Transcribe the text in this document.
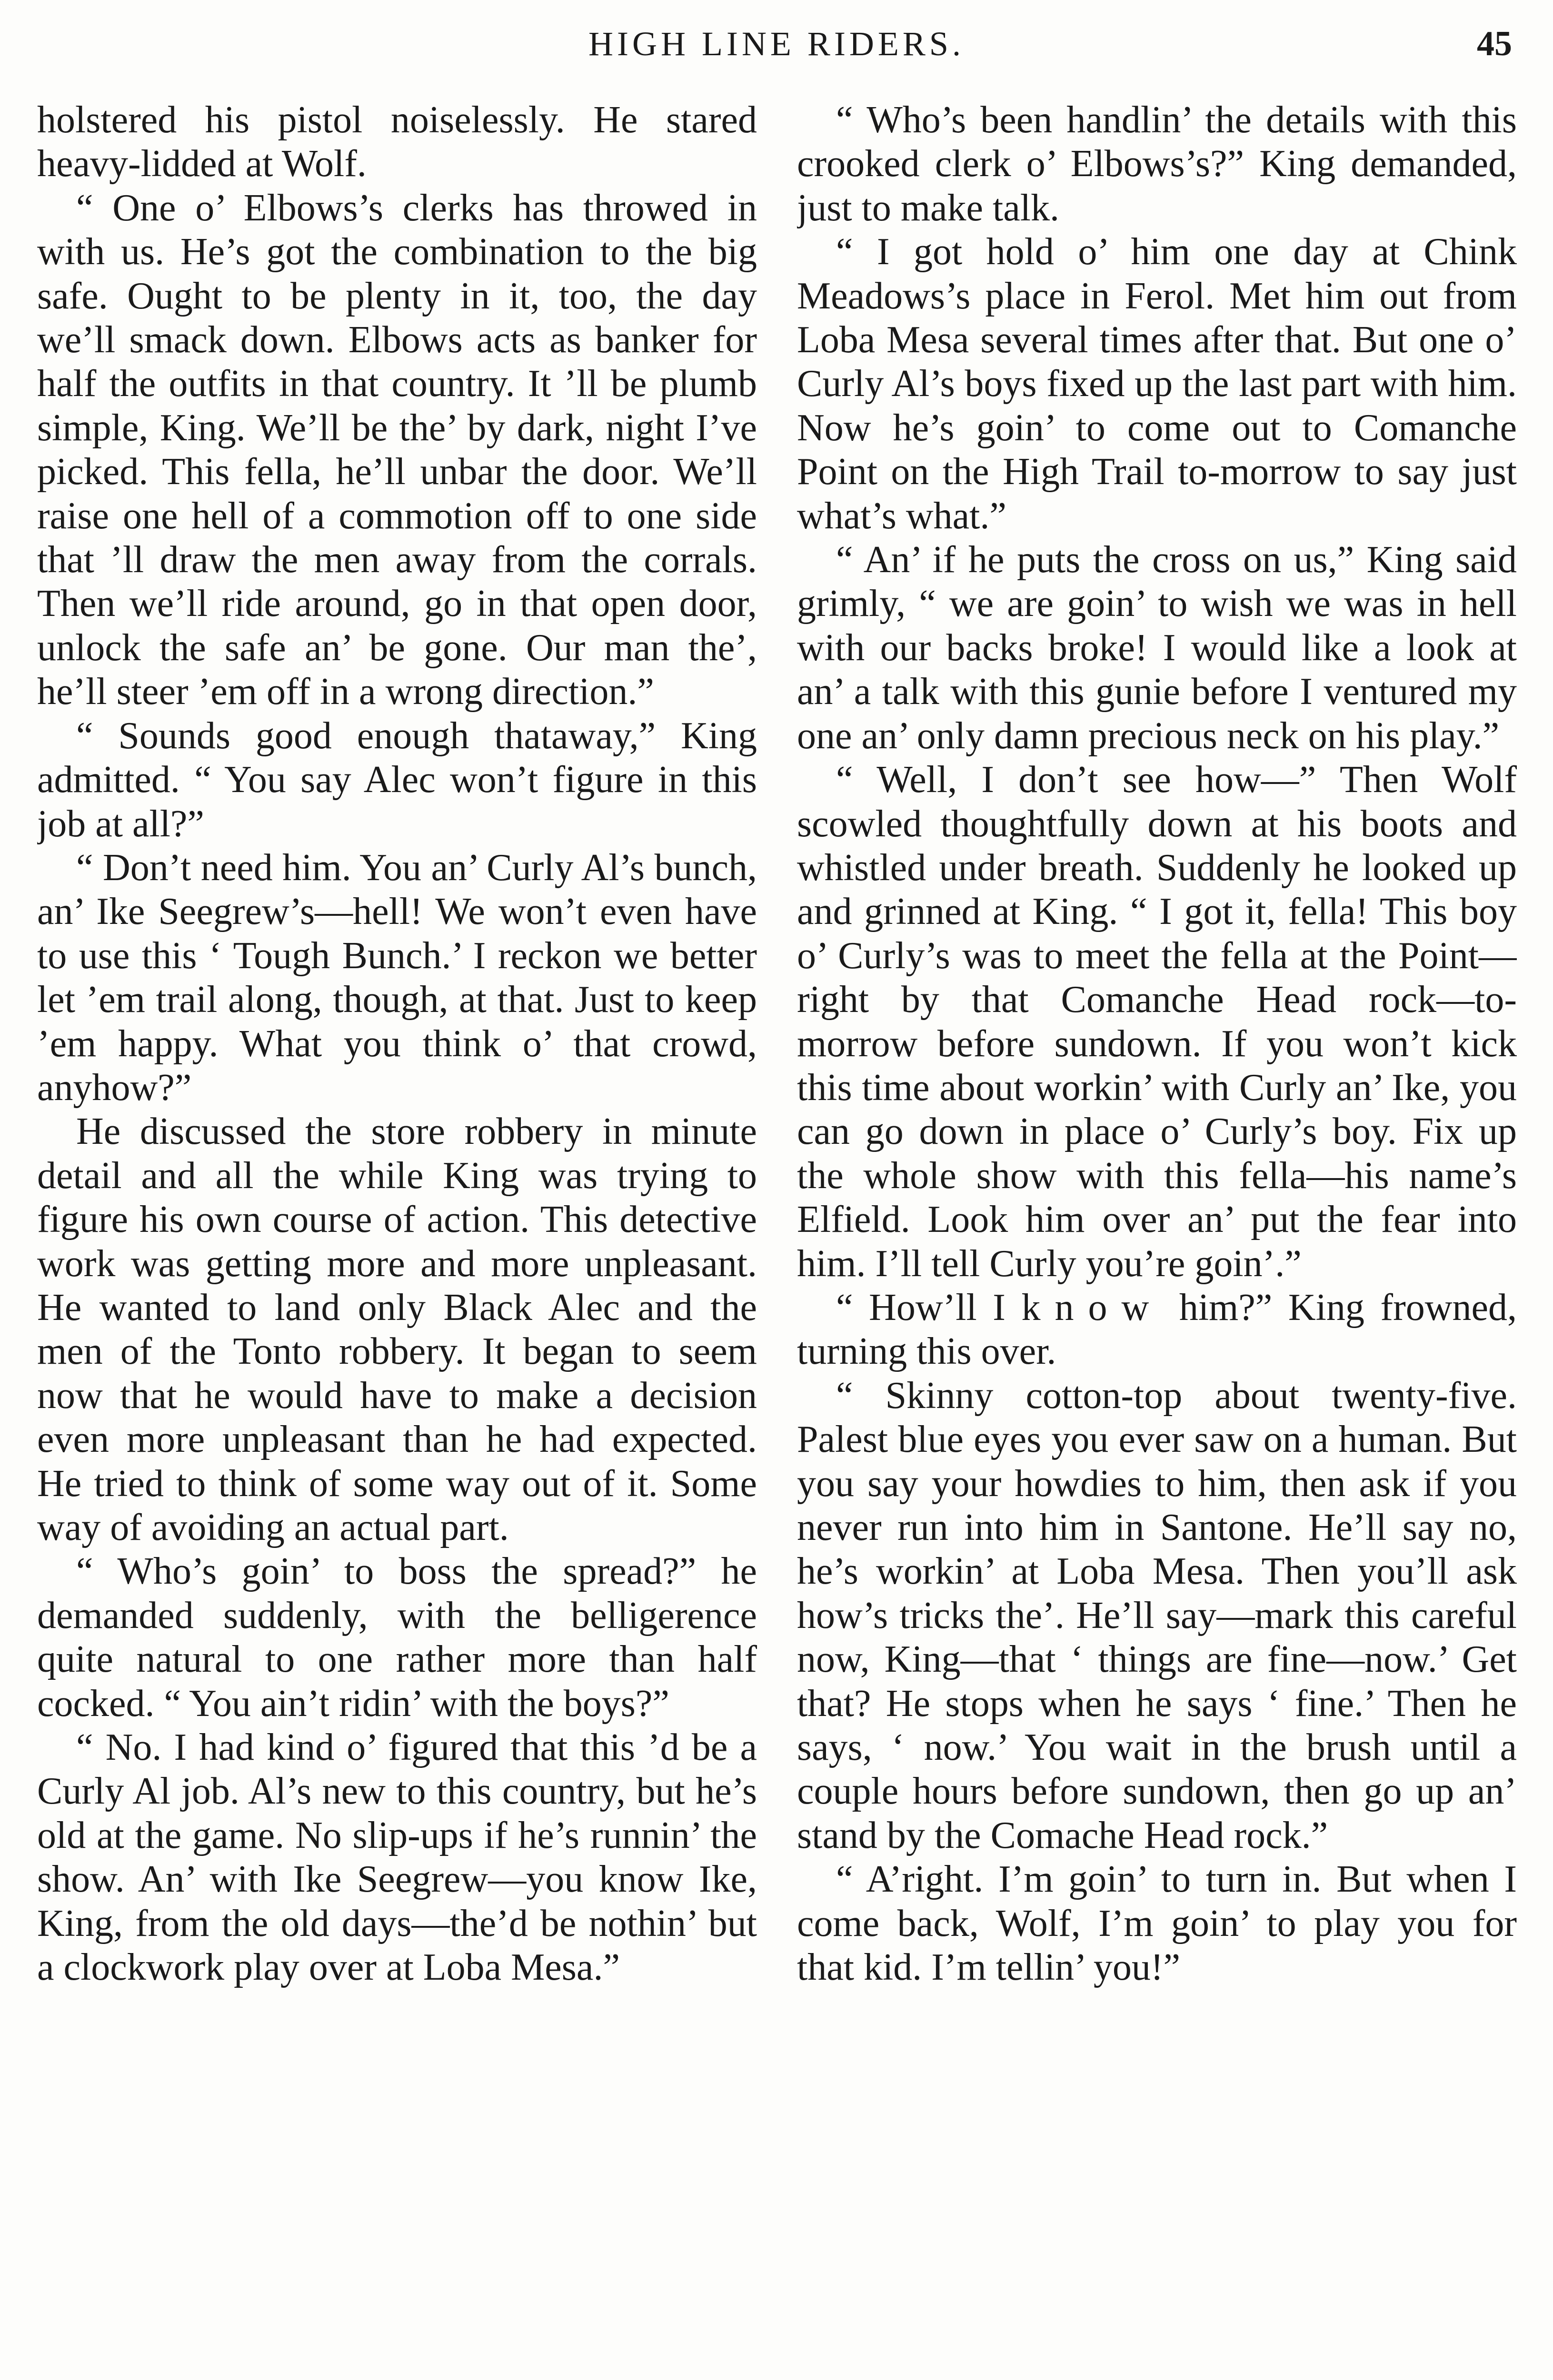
HIGH LINE RIDERS.	45

holstered his pistol noiselessly. He stared heavy-lidded at Wolf.

“ One o’ Elbows’s clerks has throwed in with us. He’s got the combination to the big safe. Ought to be plenty in it, too, the day we’ll smack down. Elbows acts as banker for half the outfits in that country. It ’ll be plumb simple, King. We’ll be the’ by dark, night I’ve picked. This fella, he’ll unbar the door. We’ll raise one hell of a commotion off to one side that ’ll draw the men away from the corrals. Then we’ll ride around, go in that open door, unlock the safe an’ be gone. Our man the’, he’ll steer ’em off in a wrong direction.”

“ Sounds good enough thataway,” King admitted. “ You say Alec won’t figure in this job at all?”

“ Don’t need him. You an’ Curly Al’s bunch, an’ Ike Seegrew’s—hell! We won’t even have to use this ‘ Tough Bunch.’ I reckon we better let ’em trail along, though, at that. Just to keep ’em happy. What you think o’ that crowd, anyhow?”

He discussed the store robbery in minute detail and all the while King was trying to figure his own course of action. This detective work was getting more and more unpleasant. He wanted to land only Black Alec and the men of the Tonto robbery. It began to seem now that he would have to make a decision even more unpleasant than he had expected. He tried to think of some way out of it. Some way of avoiding an actual part.

“ Who’s goin’ to boss the spread?” he demanded suddenly, with the belligerence quite natural to one rather more than half cocked. “ You ain’t ridin’ with the boys?”

“ No. I had kind o’ figured that this ’d be a Curly Al job. Al’s new to this country, but he’s old at the game. No slip-ups if he’s runnin’ the show. An’ with Ike Seegrew—you know Ike, King, from the old days—the’d be nothin’ but a clockwork play over at Loba Mesa.”

“ Who’s been handlin’ the details with this crooked clerk o’ Elbows’s?” King demanded, just to make talk.

“ I got hold o’ him one day at Chink Meadows’s place in Ferol. Met him out from Loba Mesa several times after that. But one o’ Curly Al’s boys fixed up the last part with him. Now he’s goin’ to come out to Comanche Point on the High Trail to-morrow to say just what’s what.”

“ An’ if he puts the cross on us,” King said grimly, “ we are goin’ to wish we was in hell with our backs broke! I would like a look at an’ a talk with this gunie before I ventured my one an’ only damn precious neck on his play.”

“ Well, I don’t see how—” Then Wolf scowled thoughtfully down at his boots and whistled under breath. Suddenly he looked up and grinned at King. “ I got it, fella! This boy o’ Curly’s was to meet the fella at the Point—right by that Comanche Head rock—to-morrow before sundown. If you won’t kick this time about workin’ with Curly an’ Ike, you can go down in place o’ Curly’s boy. Fix up the whole show with this fella—his name’s Elfield. Look him over an’ put the fear into him. I’ll tell Curly you’re goin’.”

“ How’ll I know him?” King frowned, turning this over.

“ Skinny cotton-top about twenty-five. Palest blue eyes you ever saw on a human. But you say your howdies to him, then ask if you never run into him in Santone. He’ll say no, he’s workin’ at Loba Mesa. Then you’ll ask how’s tricks the’. He’ll say—mark this careful now, King—that ‘ things are fine—now.’ Get that? He stops when he says ‘ fine.’ Then he says, ‘ now.’ You wait in the brush until a couple hours before sundown, then go up an’ stand by the Comache Head rock.”

“ A’right. I’m goin’ to turn in. But when I come back, Wolf, I’m goin’ to play you for that kid. I’m tellin’ you!”
